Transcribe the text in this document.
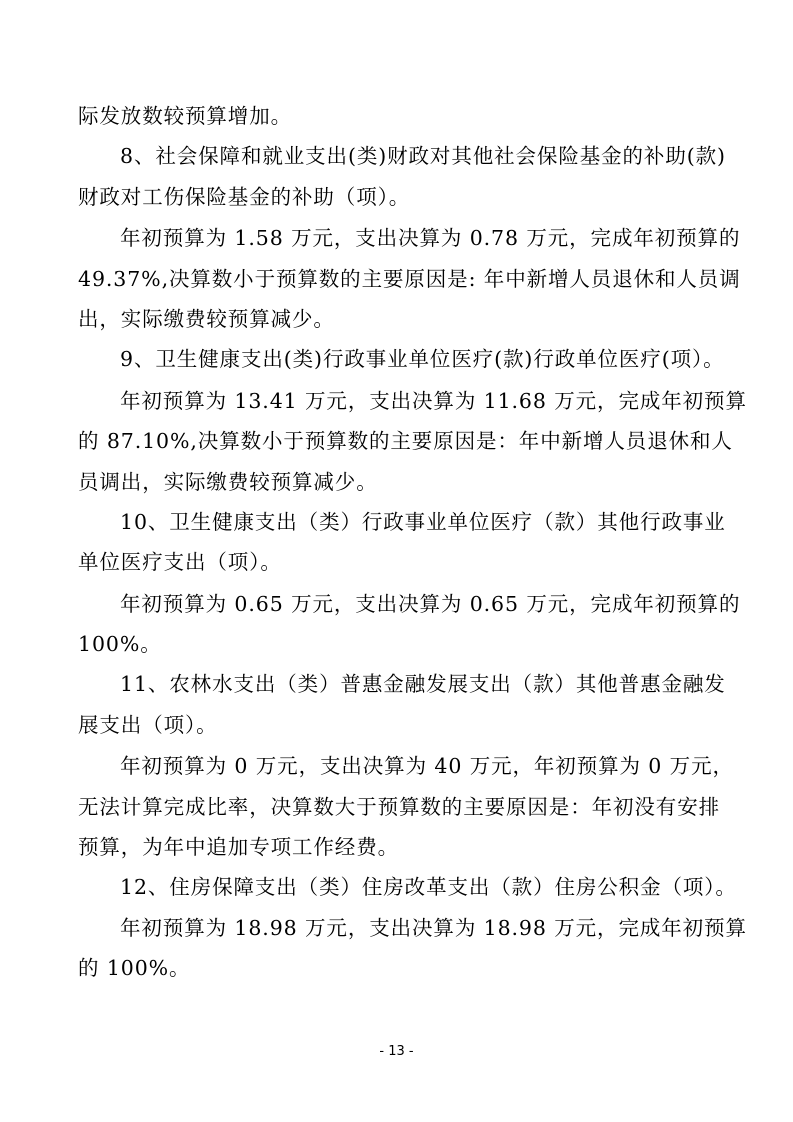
际发放数较预算增加。
8、社会保障和就业支出(类)财政对其他社会保险基金的补助(款)
财政对工伤保险基金的补助（项）。
年初预算为 1.58 万元，支出决算为 0.78 万元，完成年初预算的
49.37%,决算数小于预算数的主要原因是: 年中新增人员退休和人员调
出，实际缴费较预算减少。
9、卫生健康支出(类)行政事业单位医疗(款)行政单位医疗(项）。
年初预算为 13.41 万元，支出决算为 11.68 万元，完成年初预算
的 87.10%,决算数小于预算数的主要原因是：年中新增人员退休和人
员调出，实际缴费较预算减少。
10、卫生健康支出（类）行政事业单位医疗（款）其他行政事业
单位医疗支出（项）。
年初预算为 0.65 万元，支出决算为 0.65 万元，完成年初预算的
100%。
11、农林水支出（类）普惠金融发展支出（款）其他普惠金融发
展支出（项）。
年初预算为 0 万元，支出决算为 40 万元，年初预算为 0 万元，
无法计算完成比率，决算数大于预算数的主要原因是：年初没有安排
预算，为年中追加专项工作经费。
12、住房保障支出（类）住房改革支出（款）住房公积金（项）。
年初预算为 18.98 万元，支出决算为 18.98 万元，完成年初预算
的 100%。
- 13 -
